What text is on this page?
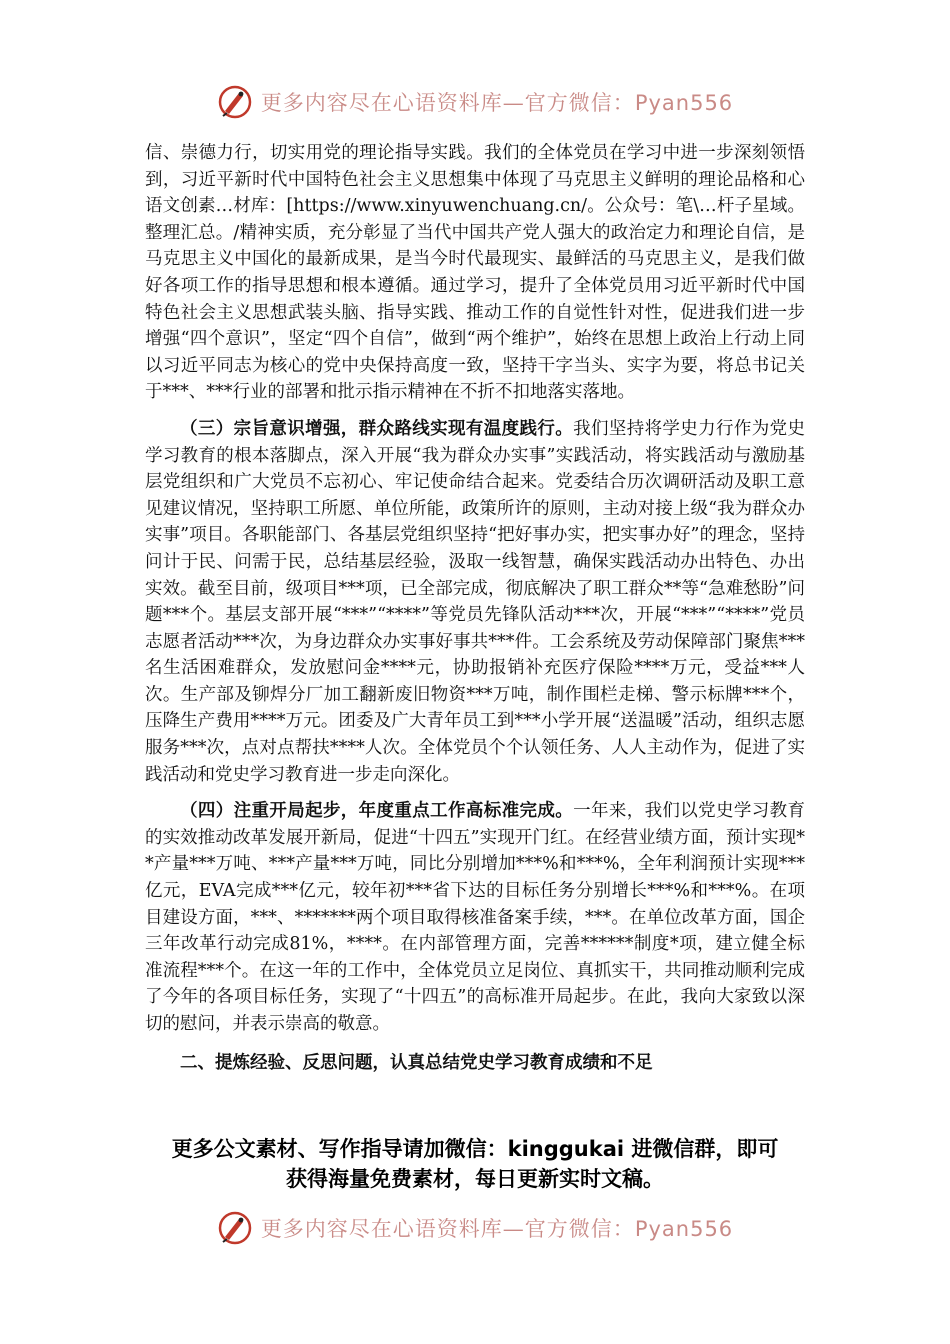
更多内容尽在心语资料库—官方微信：Pyan556

信、崇德力行，切实用党的理论指导实践。我们的全体党员在学习中进一步深刻领悟到，习近平新时代中国特色社会主义思想集中体现了马克思主义鲜明的理论品格和心语文创素…材库：[https://www.xinyuwenchuang.cn/。公众号：笔\…杆子星域。整理汇总。/精神实质，充分彰显了当代中国共产党人强大的政治定力和理论自信，是马克思主义中国化的最新成果，是当今时代最现实、最鲜活的马克思主义，是我们做好各项工作的指导思想和根本遵循。通过学习，提升了全体党员用习近平新时代中国特色社会主义思想武装头脑、指导实践、推动工作的自觉性针对性，促进我们进一步增强“四个意识”，坚定“四个自信”，做到“两个维护”，始终在思想上政治上行动上同以习近平同志为核心的党中央保持高度一致，坚持干字当头、实字为要，将总书记关于***、***行业的部署和批示指示精神在不折不扣地落实落地。

（三）宗旨意识增强，群众路线实现有温度践行。我们坚持将学史力行作为党史学习教育的根本落脚点，深入开展“我为群众办实事”实践活动，将实践活动与激励基层党组织和广大党员不忘初心、牢记使命结合起来。党委结合历次调研活动及职工意见建议情况，坚持职工所愿、单位所能，政策所许的原则，主动对接上级“我为群众办实事”项目。各职能部门、各基层党组织坚持“把好事办实，把实事办好”的理念，坚持问计于民、问需于民，总结基层经验，汲取一线智慧，确保实践活动办出特色、办出实效。截至目前，级项目***项，已全部完成，彻底解决了职工群众**等“急难愁盼”问题***个。基层支部开展“***”“****”等党员先锋队活动***次，开展“***”“****”党员志愿者活动***次，为身边群众办实事好事共***件。工会系统及劳动保障部门聚焦***名生活困难群众，发放慰问金****元，协助报销补充医疗保险****万元，受益***人次。生产部及铆焊分厂加工翻新废旧物资***万吨，制作围栏走梯、警示标牌***个，压降生产费用****万元。团委及广大青年员工到***小学开展“送温暖”活动，组织志愿服务***次，点对点帮扶****人次。全体党员个个认领任务、人人主动作为，促进了实践活动和党史学习教育进一步走向深化。

（四）注重开局起步，年度重点工作高标准完成。一年来，我们以党史学习教育的实效推动改革发展开新局，促进“十四五”实现开门红。在经营业绩方面，预计实现**产量***万吨、***产量***万吨，同比分别增加***%和***%，全年利润预计实现***亿元，EVA完成***亿元，较年初***省下达的目标任务分别增长***%和***%。在项目建设方面，***、*******两个项目取得核准备案手续，***。在单位改革方面，国企三年改革行动完成81%，****。在内部管理方面，完善******制度*项，建立健全标准流程***个。在这一年的工作中，全体党员立足岗位、真抓实干，共同推动顺利完成了今年的各项目标任务，实现了“十四五”的高标准开局起步。在此，我向大家致以深切的慰问，并表示崇高的敬意。

二、提炼经验、反思问题，认真总结党史学习教育成绩和不足

更多公文素材、写作指导请加微信：kinggukai 进微信群，即可
获得海量免费素材，每日更新实时文稿。
更多内容尽在心语资料库—官方微信：Pyan556
